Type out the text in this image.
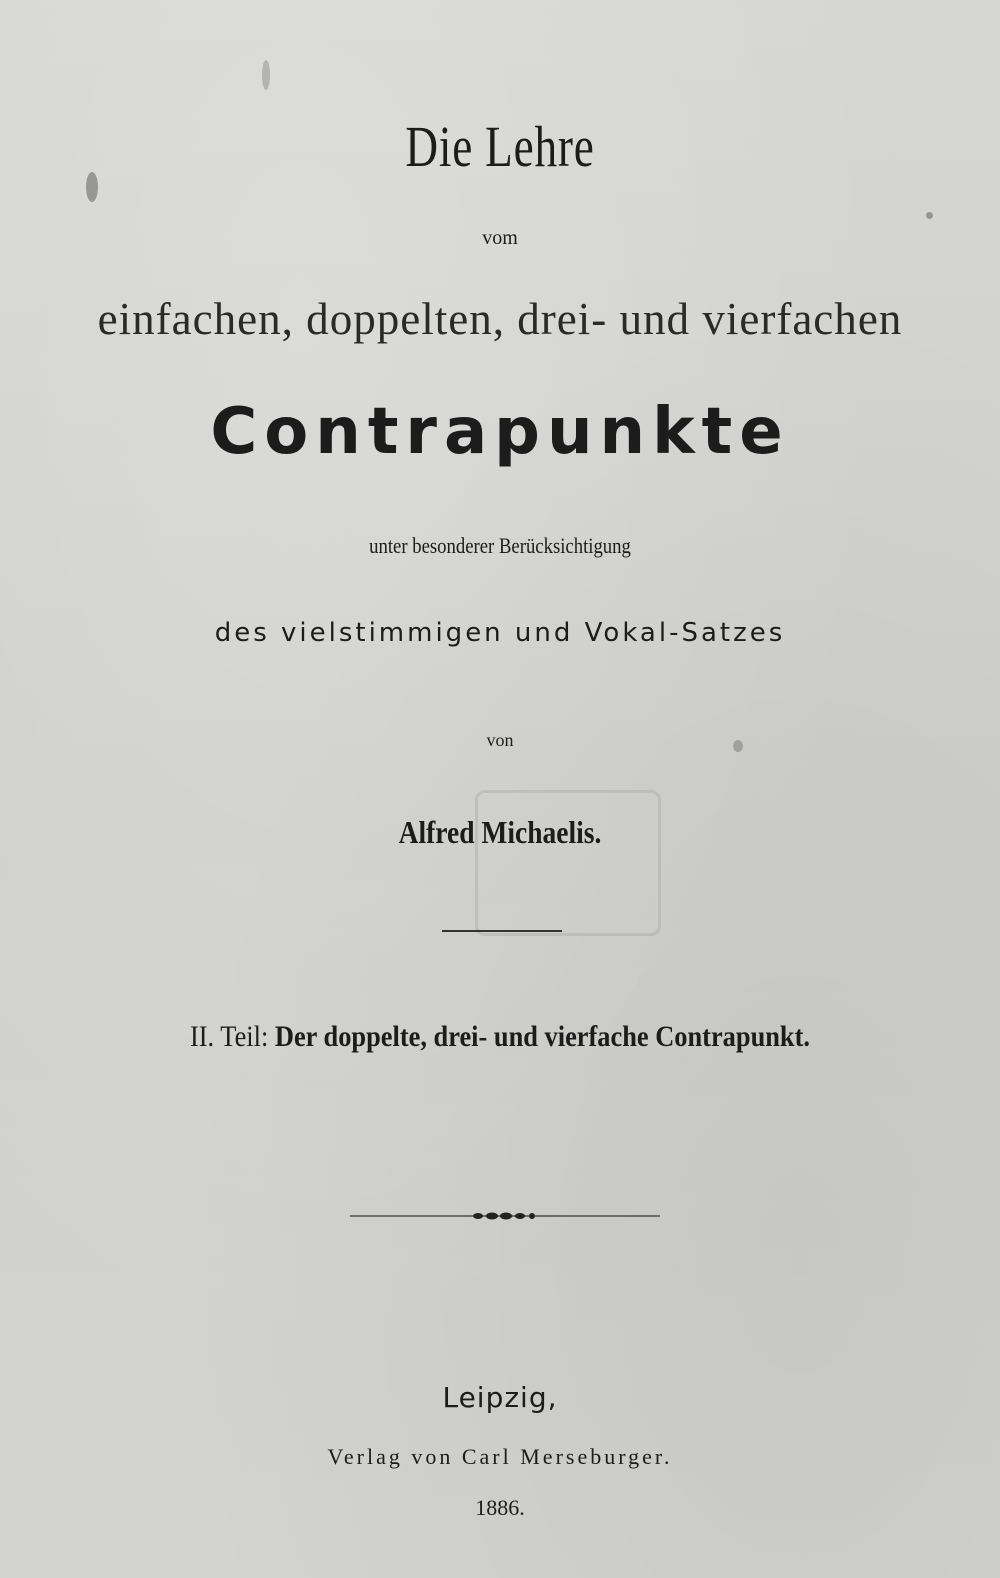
Die Lehre
vom
einfachen, doppelten, drei- und vierfachen
Contrapunkte
unter besonderer Berücksichtigung
des vielstimmigen und Vokal-Satzes
von
Alfred Michaelis.
II. Teil: Der doppelte, drei- und vierfache Contrapunkt.
Leipzig,
Verlag von Carl Merseburger.
1886.
